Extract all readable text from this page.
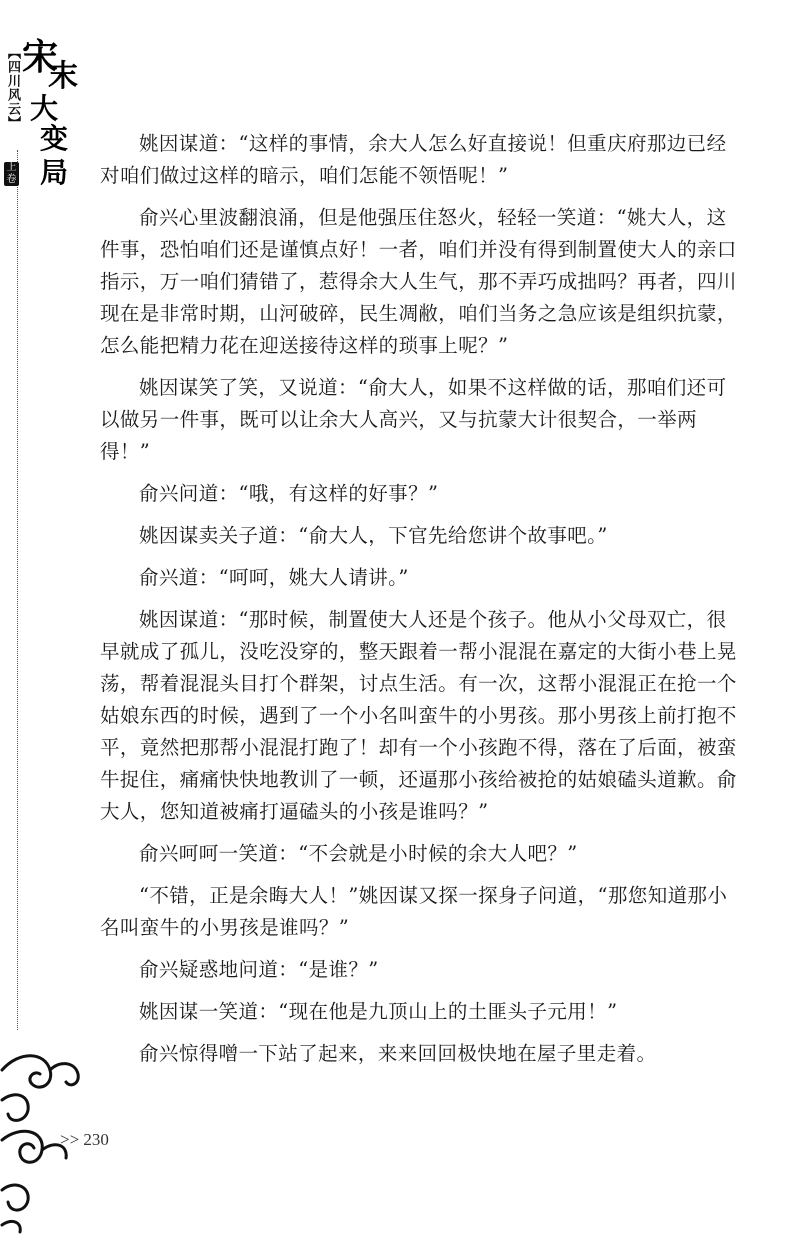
【四川风云】
上卷
宋
末
大
变局

姚因谋道：“这样的事情，余大人怎么好直接说！但重庆府那边已经对咱们做过这样的暗示，咱们怎能不领悟呢！”

俞兴心里波翻浪涌，但是他强压住怒火，轻轻一笑道：“姚大人，这件事，恐怕咱们还是谨慎点好！一者，咱们并没有得到制置使大人的亲口指示，万一咱们猜错了，惹得余大人生气，那不弄巧成拙吗？再者，四川现在是非常时期，山河破碎，民生凋敝，咱们当务之急应该是组织抗蒙，怎么能把精力花在迎送接待这样的琐事上呢？”

姚因谋笑了笑，又说道：“俞大人，如果不这样做的话，那咱们还可以做另一件事，既可以让余大人高兴，又与抗蒙大计很契合，一举两得！”

俞兴问道：“哦，有这样的好事？”

姚因谋卖关子道：“俞大人，下官先给您讲个故事吧。”

俞兴道：“呵呵，姚大人请讲。”

姚因谋道：“那时候，制置使大人还是个孩子。他从小父母双亡，很早就成了孤儿，没吃没穿的，整天跟着一帮小混混在嘉定的大街小巷上晃荡，帮着混混头目打个群架，讨点生活。有一次，这帮小混混正在抢一个姑娘东西的时候，遇到了一个小名叫蛮牛的小男孩。那小男孩上前打抱不平，竟然把那帮小混混打跑了！却有一个小孩跑不得，落在了后面，被蛮牛捉住，痛痛快快地教训了一顿，还逼那小孩给被抢的姑娘磕头道歉。俞大人，您知道被痛打逼磕头的小孩是谁吗？”

俞兴呵呵一笑道：“不会就是小时候的余大人吧？”

“不错，正是余晦大人！”姚因谋又探一探身子问道，“那您知道那小名叫蛮牛的小男孩是谁吗？”

俞兴疑惑地问道：“是谁？”

姚因谋一笑道：“现在他是九顶山上的土匪头子元用！”

俞兴惊得噌一下站了起来，来来回回极快地在屋子里走着。

>> 230
